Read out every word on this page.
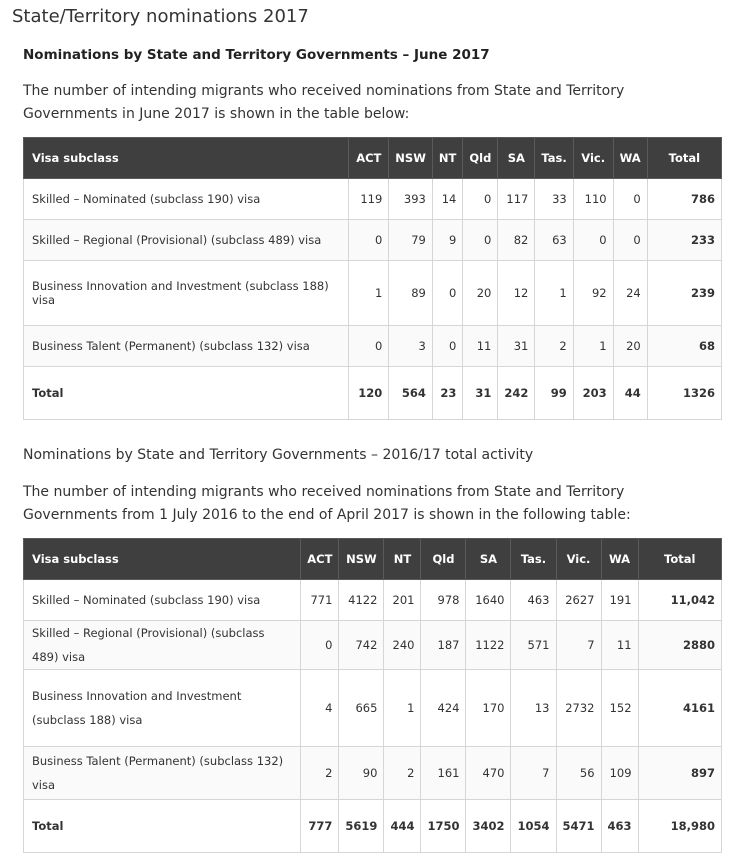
State/Territory nominations 2017
Nominations by State and Territory Governments – June 2017

The number of intending migrants who received nominations from State and Territory Governments in June 2017 is shown in the table below:

Visa subclass	ACT	NSW	NT	Qld	SA	Tas.	Vic.	WA	Total
Skilled – Nominated (subclass 190) visa	119	393	14	0	117	33	110	0	786
Skilled – Regional (Provisional) (subclass 489) visa	0	79	9	0	82	63	0	0	233
Business Innovation and Investment (subclass 188) visa	1	89	0	20	12	1	92	24	239
Business Talent (Permanent) (subclass 132) visa	0	3	0	11	31	2	1	20	68
Total	120	564	23	31	242	99	203	44	1326
Nominations by State and Territory Governments – 2016/17 total activity

The number of intending migrants who received nominations from State and Territory Governments from 1 July 2016 to the end of April 2017 is shown in the following table:

Visa subclass	ACT	NSW	NT	Qld	SA	Tas.	Vic.	WA	Total
Skilled – Nominated (subclass 190) visa	771	4122	201	978	1640	463	2627	191	11,042
Skilled – Regional (Provisional) (subclass 489) visa	0	742	240	187	1122	571	7	11	2880
Business Innovation and Investment (subclass 188) visa	4	665	1	424	170	13	2732	152	4161
Business Talent (Permanent) (subclass 132) visa	2	90	2	161	470	7	56	109	897
Total	777	5619	444	1750	3402	1054	5471	463	18,980
